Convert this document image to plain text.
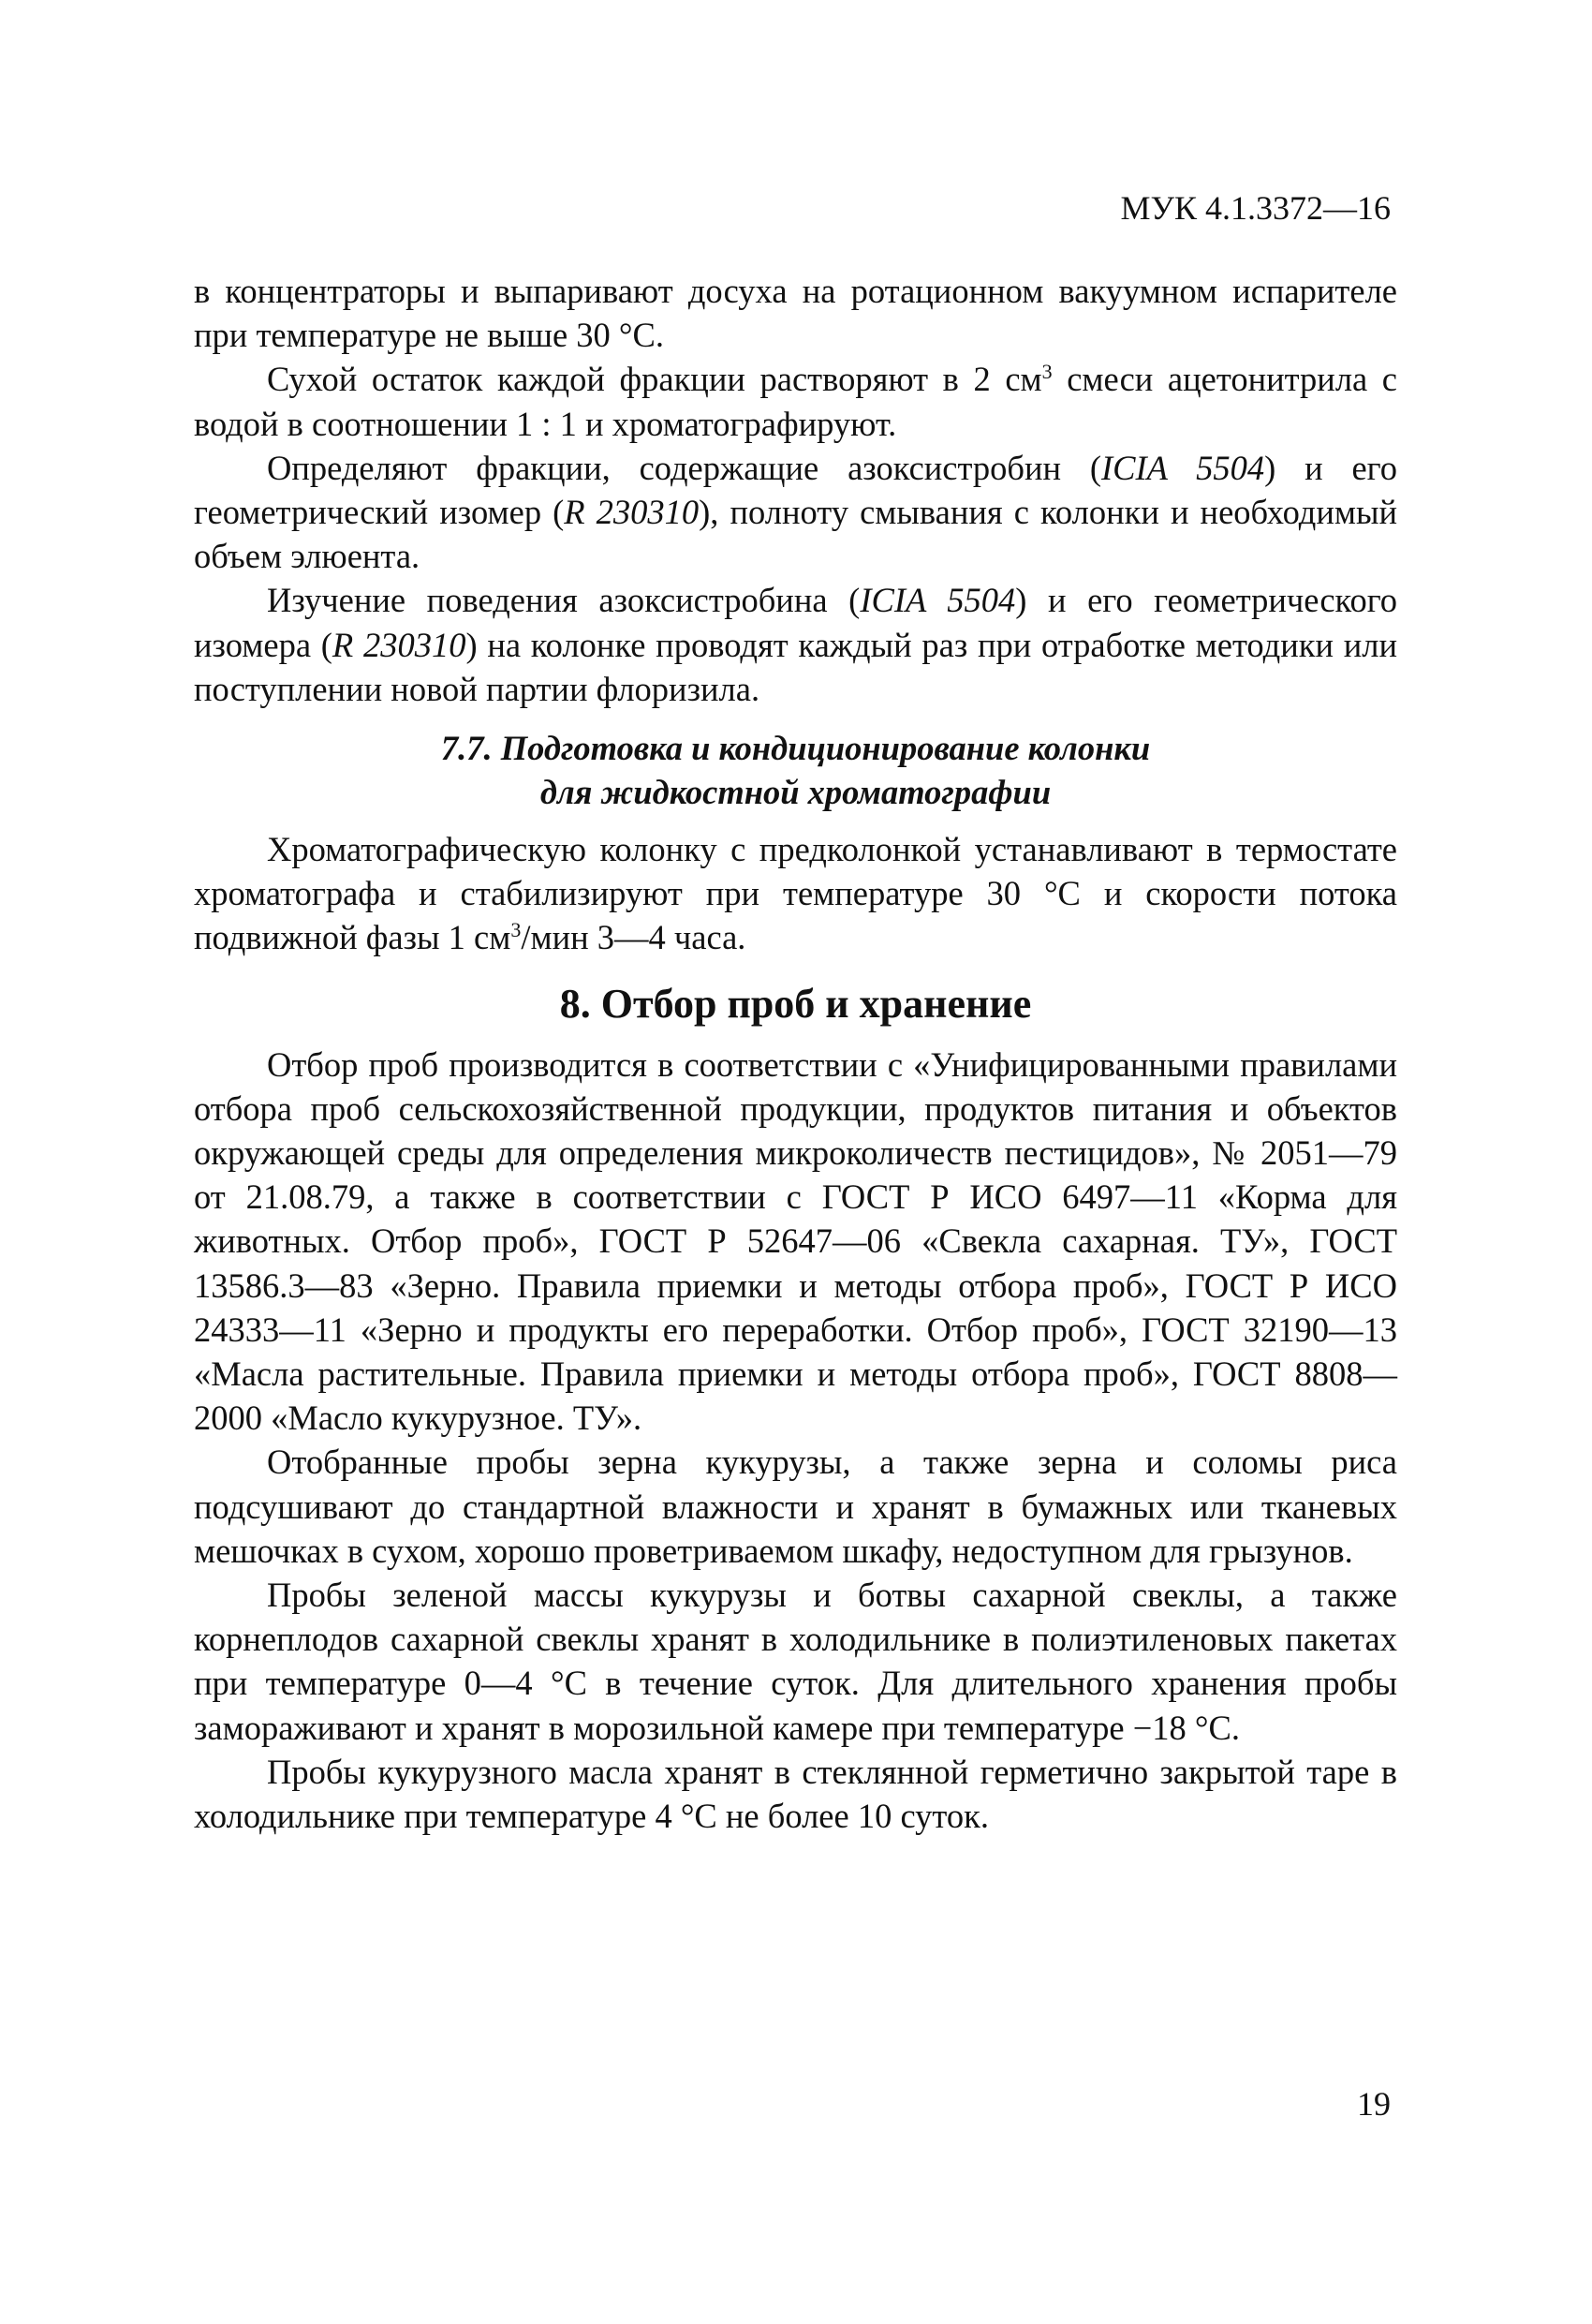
МУК 4.1.3372—16

в концентраторы и выпаривают досуха на ротационном вакуумном испарителе при температуре не выше 30 °С.

Сухой остаток каждой фракции растворяют в 2 $см^3$ смеси ацетонитрила с водой в соотношении 1 : 1 и хроматографируют.

Определяют фракции, содержащие азоксистробин (ICIA 5504) и его геометрический изомер (R 230310), полноту смывания с колонки и необходимый объем элюента.

Изучение поведения азоксистробина (ICIA 5504) и его геометрического изомера (R 230310) на колонке проводят каждый раз при отработке методики или поступлении новой партии флоризила.

7.7. Подготовка и кондиционирование колонки
для жидкостной хроматографии

Хроматографическую колонку с предколонкой устанавливают в термостате хроматографа и стабилизируют при температуре 30 °С и скорости потока подвижной фазы 1 $см^3$/мин 3—4 часа.

8. Отбор проб и хранение

Отбор проб производится в соответствии с «Унифицированными правилами отбора проб сельскохозяйственной продукции, продуктов питания и объектов окружающей среды для определения микроколичеств пестицидов», № 2051—79 от 21.08.79, а также в соответствии с ГОСТ Р ИСО 6497—11 «Корма для животных. Отбор проб», ГОСТ Р 52647—06 «Свекла сахарная. ТУ», ГОСТ 13586.3—83 «Зерно. Правила приемки и методы отбора проб», ГОСТ Р ИСО 24333—11 «Зерно и продукты его переработки. Отбор проб», ГОСТ 32190—13 «Масла растительные. Правила приемки и методы отбора проб», ГОСТ 8808—2000 «Масло кукурузное. ТУ».

Отобранные пробы зерна кукурузы, а также зерна и соломы риса подсушивают до стандартной влажности и хранят в бумажных или тканевых мешочках в сухом, хорошо проветриваемом шкафу, недоступном для грызунов.

Пробы зеленой массы кукурузы и ботвы сахарной свеклы, а также корнеплодов сахарной свеклы хранят в холодильнике в полиэтиленовых пакетах при температуре 0—4 °С в течение суток. Для длительного хранения пробы замораживают и хранят в морозильной камере при температуре −18 °С.

Пробы кукурузного масла хранят в стеклянной герметично закрытой таре в холодильнике при температуре 4 °С не более 10 суток.

19
